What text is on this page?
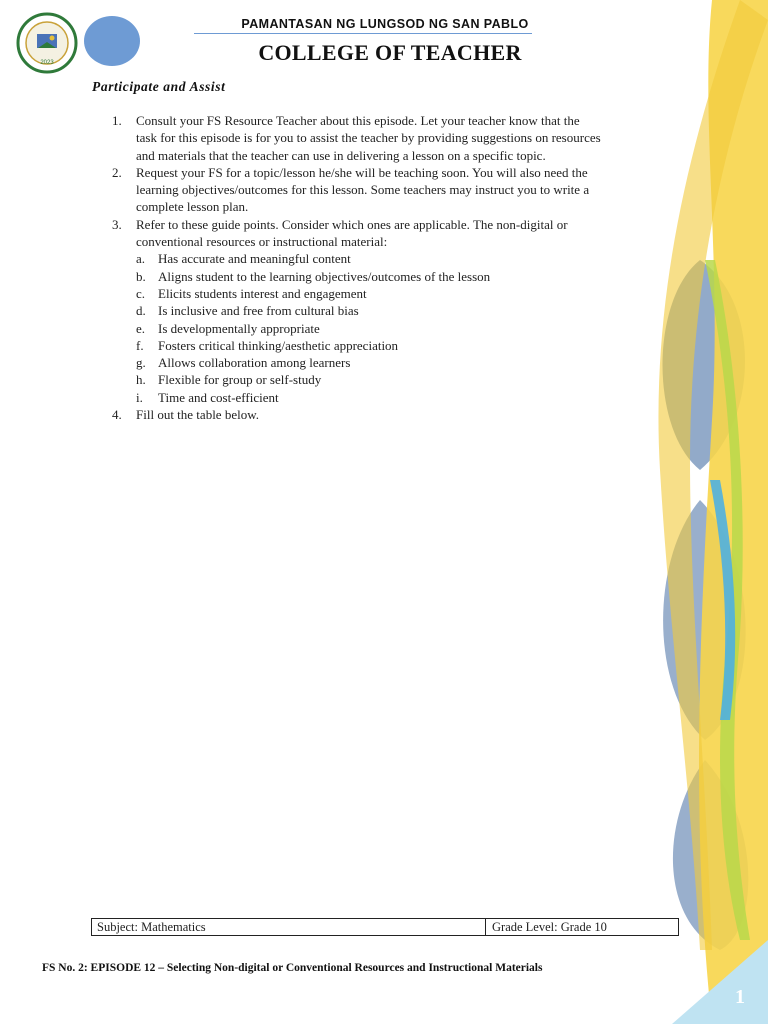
2023
PAMANTASAN NG LUNGSOD NG SAN PABLO
COLLEGE OF TEACHER
Participate and Assist
1. Consult your FS Resource Teacher about this episode. Let your teacher know that the
task for this episode is for you to assist the teacher by providing suggestions on resources
and materials that the teacher can use in delivering a lesson on a specific topic.
2. Request your FS for a topic/lesson he/she will be teaching soon. You will also need the
learning objectives/outcomes for this lesson. Some teachers may instruct you to write a
complete lesson plan.
3. Refer to these guide points. Consider which ones are applicable. The non-digital or
conventional resources or instructional material:
a. Has accurate and meaningful content
b. Aligns student to the learning objectives/outcomes of the lesson
c. Elicits students interest and engagement
d. Is inclusive and free from cultural bias
e. Is developmentally appropriate
f. Fosters critical thinking/aesthetic appreciation
g. Allows collaboration among learners
h. Flexible for group or self-study
i. Time and cost-efficient
4. Fill out the table below.
Subject: Mathematics	Grade Level: Grade 10
FS No. 2: EPISODE 12 – Selecting Non-digital or Conventional Resources and Instructional Materials
1
